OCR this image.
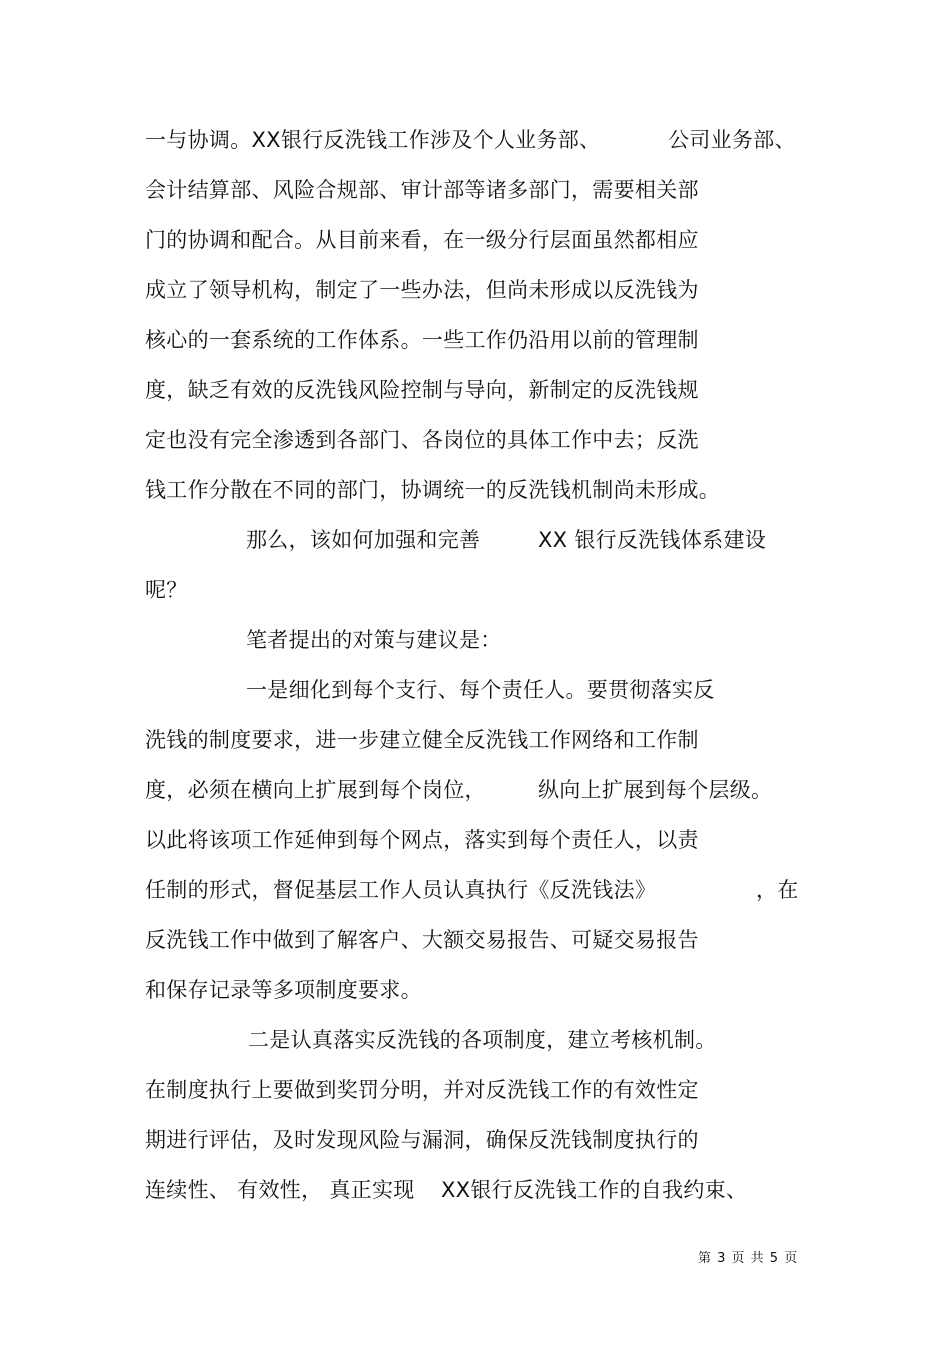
一与协调。XX银行反洗钱工作涉及个人业务部、	公司业务部、
会计结算部、风险合规部、审计部等诸多部门，需要相关部
门的协调和配合。从目前来看，在一级分行层面虽然都相应
成立了领导机构，制定了一些办法，但尚未形成以反洗钱为
核心的一套系统的工作体系。一些工作仍沿用以前的管理制
度，缺乏有效的反洗钱风险控制与导向，新制定的反洗钱规
定也没有完全渗透到各部门、各岗位的具体工作中去；反洗
钱工作分散在不同的部门，协调统一的反洗钱机制尚未形成。
那么，该如何加强和完善	XX 银行反洗钱体系建设
呢？
笔者提出的对策与建议是：
一是细化到每个支行、每个责任人。要贯彻落实反
洗钱的制度要求，进一步建立健全反洗钱工作网络和工作制
度，必须在横向上扩展到每个岗位， 纵向上扩展到每个层级。
以此将该项工作延伸到每个网点，落实到每个责任人，以责
任制的形式，督促基层工作人员认真执行《反洗钱法》	，在
反洗钱工作中做到了解客户、大额交易报告、可疑交易报告
和保存记录等多项制度要求。
二是认真落实反洗钱的各项制度，建立考核机制。
在制度执行上要做到奖罚分明，并对反洗钱工作的有效性定
期进行评估，及时发现风险与漏洞，确保反洗钱制度执行的
连续性、 有效性， 真正实现 XX银行反洗钱工作的自我约束、
第 3 页 共 5 页
